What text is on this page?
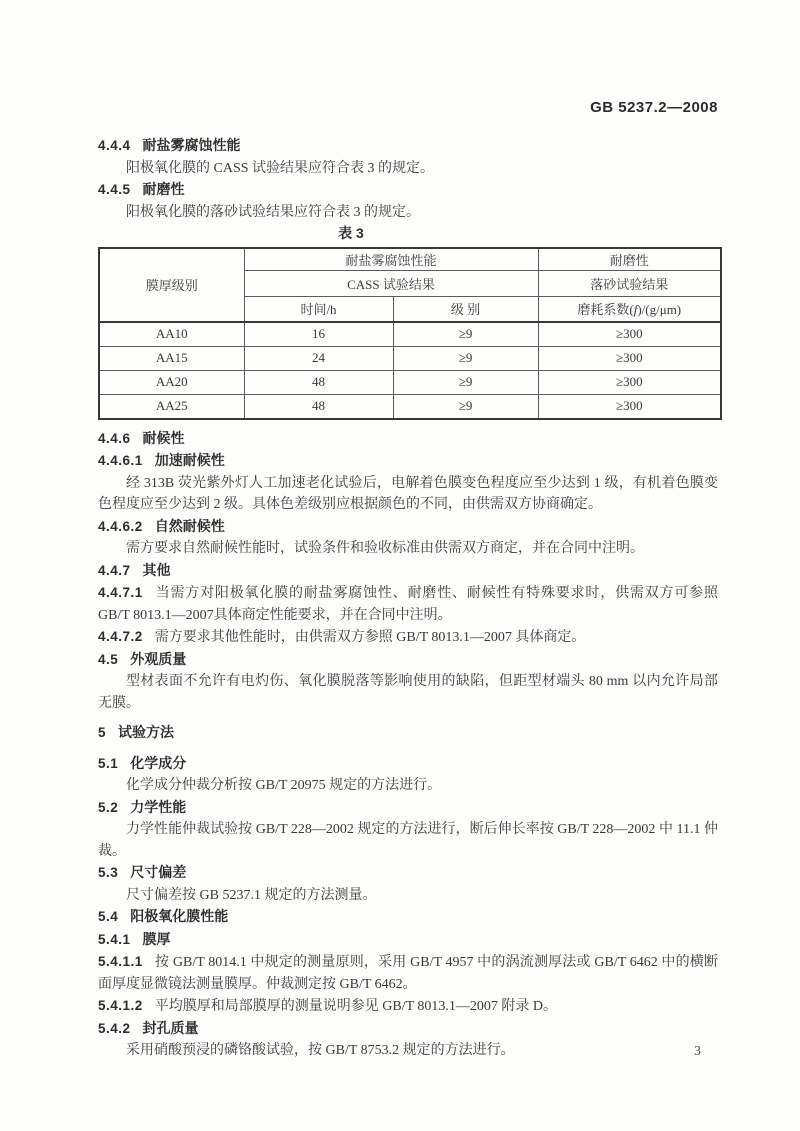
GB 5237.2—2008
4.4.4 耐盐雾腐蚀性能
阳极氧化膜的 CASS 试验结果应符合表 3 的规定。
4.4.5 耐磨性
阳极氧化膜的落砂试验结果应符合表 3 的规定。
表 3
膜厚级别	耐盐雾腐蚀性能		耐磨性
	CASS 试验结果		落砂试验结果
	时间/h	级 别	磨耗系数(f)/(g/μm)
AA10	16	≥9	≥300
AA15	24	≥9	≥300
AA20	48	≥9	≥300
AA25	48	≥9	≥300
4.4.6 耐候性
4.4.6.1 加速耐候性
经 313B 荧光紫外灯人工加速老化试验后，电解着色膜变色程度应至少达到 1 级，有机着色膜变色程度应至少达到 2 级。具体色差级别应根据颜色的不同，由供需双方协商确定。
4.4.6.2 自然耐候性
需方要求自然耐候性能时，试验条件和验收标准由供需双方商定，并在合同中注明。
4.4.7 其他
4.4.7.1 当需方对阳极氧化膜的耐盐雾腐蚀性、耐磨性、耐候性有特殊要求时，供需双方可参照 GB/T 8013.1—2007具体商定性能要求，并在合同中注明。
4.4.7.2 需方要求其他性能时，由供需双方参照 GB/T 8013.1—2007 具体商定。
4.5 外观质量
型材表面不允许有电灼伤、氧化膜脱落等影响使用的缺陷，但距型材端头 80 mm 以内允许局部无膜。
5 试验方法
5.1 化学成分
化学成分仲裁分析按 GB/T 20975 规定的方法进行。
5.2 力学性能
力学性能仲裁试验按 GB/T 228—2002 规定的方法进行，断后伸长率按 GB/T 228—2002 中 11.1 仲裁。
5.3 尺寸偏差
尺寸偏差按 GB 5237.1 规定的方法测量。
5.4 阳极氧化膜性能
5.4.1 膜厚
5.4.1.1 按 GB/T 8014.1 中规定的测量原则，采用 GB/T 4957 中的涡流测厚法或 GB/T 6462 中的横断面厚度显微镜法测量膜厚。仲裁测定按 GB/T 6462。
5.4.1.2 平均膜厚和局部膜厚的测量说明参见 GB/T 8013.1—2007 附录 D。
5.4.2 封孔质量
采用硝酸预浸的磷铬酸试验，按 GB/T 8753.2 规定的方法进行。	3
